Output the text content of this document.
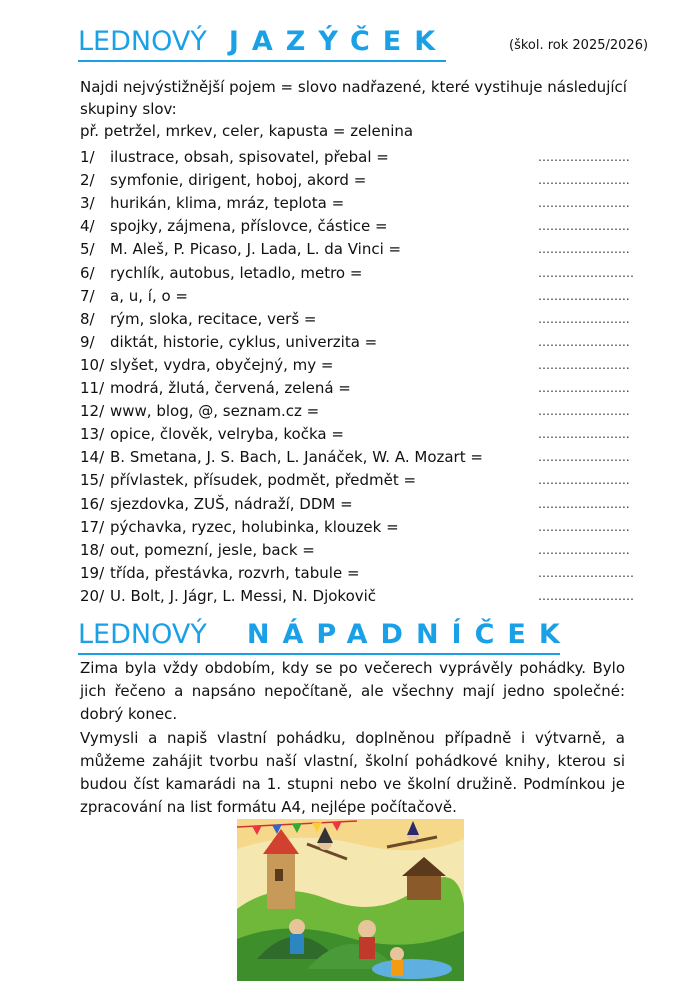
LEDNOVÝ JAZÝČEK	(škol. rok 2025/2026)
Najdi nejvýstižnější pojem = slovo nadřazené, které vystihuje následující skupiny slov:
př. petržel, mrkev, celer, kapusta = zelenina
1/ ilustrace, obsah, spisovatel, přebal =	…………………..
2/ symfonie, dirigent, hoboj, akord =	…………………..
3/ hurikán, klima, mráz, teplota =	…………………..
4/ spojky, zájmena, příslovce, částice =	…………………..
5/ M. Aleš, P. Picaso, J. Lada, L. da Vinci =	…………………..
6/ rychlík, autobus, letadlo, metro =	……………………
7/ a, u, í, o =	…………………..
8/ rým, sloka, recitace, verš =	…………………..
9/ diktát, historie, cyklus, univerzita =	…………………..
10/ slyšet, vydra, obyčejný, my =	…………………..
11/ modrá, žlutá, červená, zelená =	…………………..
12/ www, blog, @, seznam.cz =	…………………..
13/ opice, člověk, velryba, kočka =	…………………..
14/ B. Smetana, J. S. Bach, L. Janáček, W. A. Mozart =	…………………..
15/ přívlastek, přísudek, podmět, předmět =	…………………..
16/ sjezdovka, ZUŠ, nádraží, DDM =	…………………..
17/ pýchavka, ryzec, holubinka, klouzek =	…………………..
18/ out, pomezní, jesle, back =	…………………..
19/ třída, přestávka, rozvrh, tabule =	……………………
20/ U. Bolt, J. Jágr, L. Messi, N. Djokovič	……………………
LEDNOVÝ NÁPADNÍČEK
Zima byla vždy obdobím, kdy se po večerech vyprávěly pohádky. Bylo jich řečeno a napsáno nepočítaně, ale všechny mají jedno společné: dobrý konec.
Vymysli a napiš vlastní pohádku, doplněnou případně i výtvarně, a můžeme zahájit tvorbu naší vlastní, školní pohádkové knihy, kterou si budou číst kamarádi na 1. stupni nebo ve školní družině. Podmínkou je zpracování na list formátu A4, nejlépe počítačově.
